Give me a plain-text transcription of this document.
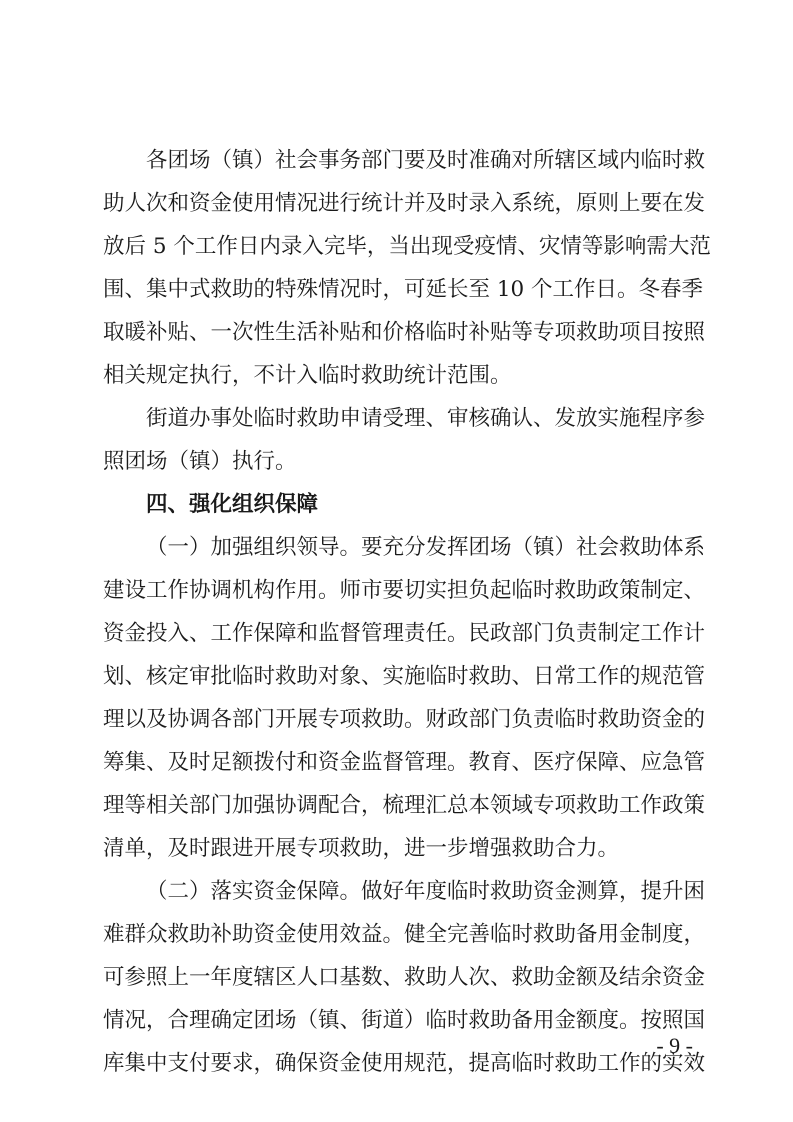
各团场（镇）社会事务部门要及时准确对所辖区域内临时救
助人次和资金使用情况进行统计并及时录入系统，原则上要在发
放后 5 个工作日内录入完毕，当出现受疫情、灾情等影响需大范
围、集中式救助的特殊情况时，可延长至 10 个工作日。冬春季
取暖补贴、一次性生活补贴和价格临时补贴等专项救助项目按照
相关规定执行，不计入临时救助统计范围。
街道办事处临时救助申请受理、审核确认、发放实施程序参
照团场（镇）执行。
四、强化组织保障
（一）加强组织领导。要充分发挥团场（镇）社会救助体系
建设工作协调机构作用。师市要切实担负起临时救助政策制定、
资金投入、工作保障和监督管理责任。民政部门负责制定工作计
划、核定审批临时救助对象、实施临时救助、日常工作的规范管
理以及协调各部门开展专项救助。财政部门负责临时救助资金的
筹集、及时足额拨付和资金监督管理。教育、医疗保障、应急管
理等相关部门加强协调配合，梳理汇总本领域专项救助工作政策
清单，及时跟进开展专项救助，进一步增强救助合力。
（二）落实资金保障。做好年度临时救助资金测算，提升困
难群众救助补助资金使用效益。健全完善临时救助备用金制度，
可参照上一年度辖区人口基数、救助人次、救助金额及结余资金
情况，合理确定团场（镇、街道）临时救助备用金额度。按照国
库集中支付要求，确保资金使用规范，提高临时救助工作的实效
- 9 -
